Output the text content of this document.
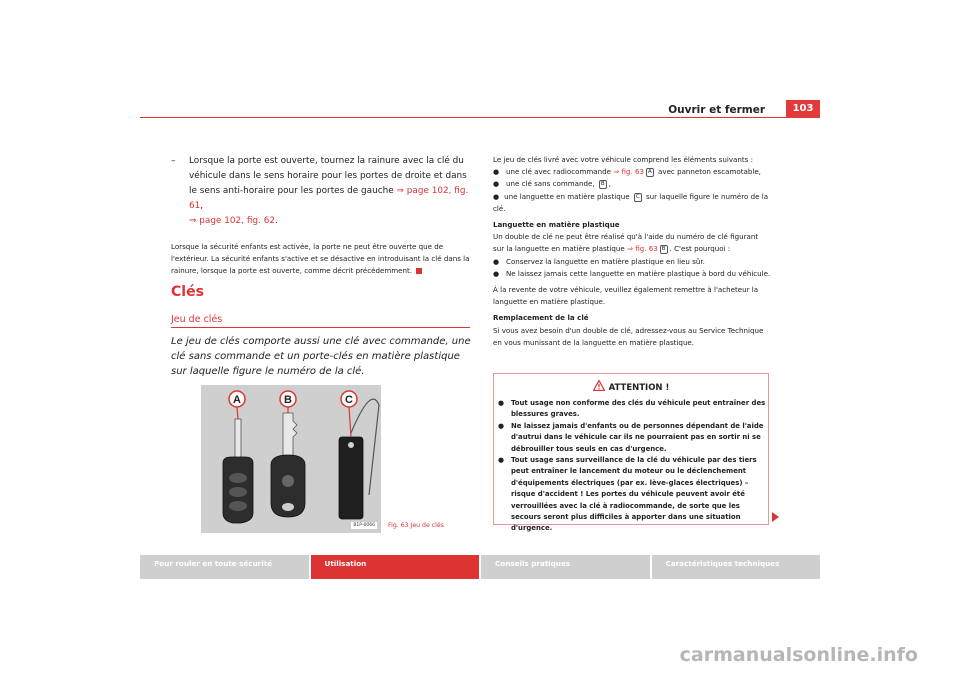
Ouvrir et fermer	103
– Lorsque la porte est ouverte, tournez la rainure avec la clé du véhicule dans le sens horaire pour les portes de droite et dans le sens anti-horaire pour les portes de gauche ⇒ page 102, fig. 61,
⇒ page 102, fig. 62.
Lorsque la sécurité enfants est activée, la porte ne peut être ouverte que de l'extérieur. La sécurité enfants s'active et se désactive en introduisant la clé dans la rainure, lorsque la porte est ouverte, comme décrit précédemment.
Clés
Jeu de clés
Le jeu de clés comporte aussi une clé avec commande, une clé sans commande et un porte-clés en matière plastique sur laquelle figure le numéro de la clé.
A	B	C
B1P-0066	Fig. 63 Jeu de clés
Le jeu de clés livré avec votre véhicule comprend les éléments suivants :
● une clé avec radiocommande ⇒ fig. 63 A avec panneton escamotable,
● une clé sans commande, B ,
● une languette en matière plastique C sur laquelle figure le numéro de la clé.
Languette en matière plastique
Un double de clé ne peut être réalisé qu'à l'aide du numéro de clé figurant sur la languette en matière plastique ⇒ fig. 63 B . C'est pourquoi :
● Conservez la languette en matière plastique en lieu sûr.
● Ne laissez jamais cette languette en matière plastique à bord du véhicule.
À la revente de votre véhicule, veuillez également remettre à l'acheteur la languette en matière plastique.
Remplacement de la clé
Si vous avez besoin d'un double de clé, adressez-vous au Service Technique en vous munissant de la languette en matière plastique.
ATTENTION !
● Tout usage non conforme des clés du véhicule peut entraîner des blessures graves.
● Ne laissez jamais d'enfants ou de personnes dépendant de l'aide d'autrui dans le véhicule car ils ne pourraient pas en sortir ni se débrouiller tous seuls en cas d'urgence.
● Tout usage sans surveillance de la clé du véhicule par des tiers peut entraîner le lancement du moteur ou le déclenchement d'équipements électriques (par ex. lève-glaces électriques) – risque d'accident ! Les portes du véhicule peuvent avoir été verrouillées avec la clé à radiocommande, de sorte que les secours seront plus difficiles à apporter dans une situation d'urgence.
Pour rouler en toute sécurité	Utilisation	Conseils pratiques	Caractéristiques techniques
carmanualsonline.info
